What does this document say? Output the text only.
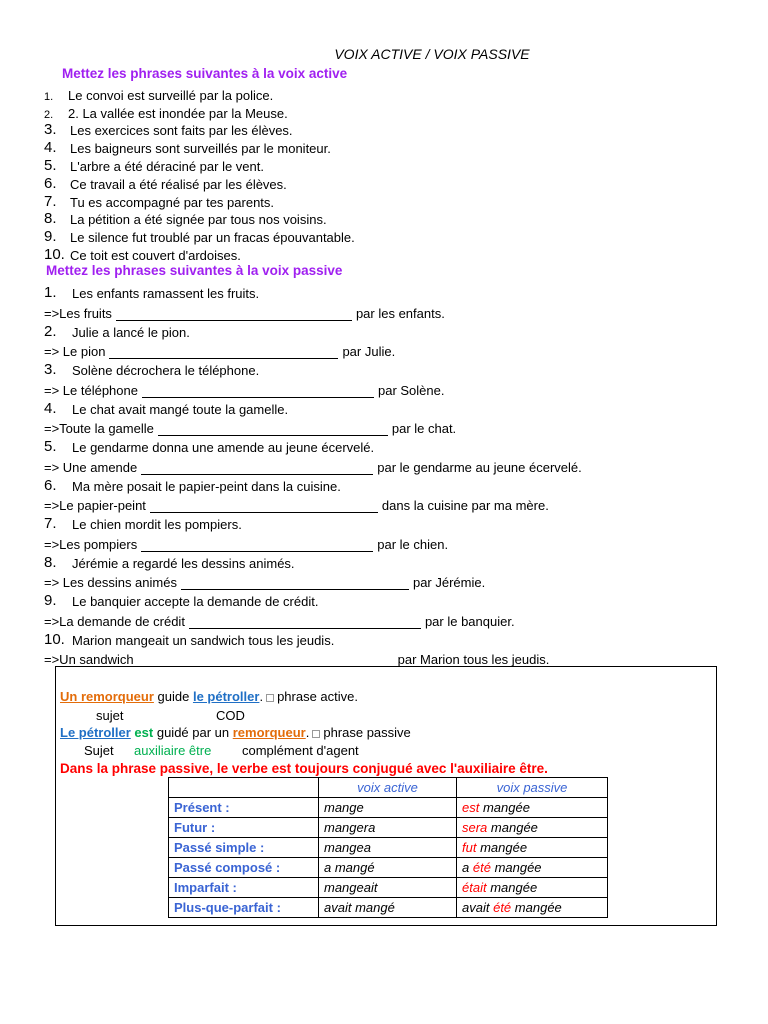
VOIX ACTIVE / VOIX PASSIVE
Mettez les phrases suivantes à la voix active
1.	Le convoi est surveillé par la police.
2.	2. La vallée est inondée par la Meuse.
3.	Les exercices sont faits par les élèves.
4.	Les baigneurs sont surveillés par le moniteur.
5.	L'arbre a été déraciné par le vent.
6.	Ce travail a été réalisé par les élèves.
7.	Tu es accompagné par tes parents.
8.	La pétition a été signée par tous nos voisins.
9.	Le silence fut troublé par un fracas épouvantable.
10. Ce toit est couvert d'ardoises.
Mettez les phrases suivantes à la voix passive
1.	Les enfants ramassent les fruits.
=>Les fruits	par les enfants.
2.	Julie a lancé le pion.
=> Le pion	par Julie.
3.	Solène décrochera le téléphone.
=> Le téléphone	par Solène.
4.	Le chat avait mangé toute la gamelle.
=>Toute la gamelle	par le chat.
5.	Le gendarme donna une amende au jeune écervelé.
=> Une amende	par le gendarme au jeune écervelé.
6.	Ma mère posait le papier-peint dans la cuisine.
=>Le papier-peint	dans la cuisine par ma mère.
7.	Le chien mordit les pompiers.
=>Les pompiers	par le chien.
8.	Jérémie a regardé les dessins animés.
=> Les dessins animés	par Jérémie.
9.	Le banquier accepte la demande de crédit.
=>La demande de crédit	par le banquier.
10. Marion mangeait un sandwich tous les jeudis.
=>Un sandwich	par Marion tous les jeudis.
Un remorqueur guide le pétroller. phrase active.
sujet	COD
Le pétroller est guidé par un remorqueur. phrase passive
Sujet auxiliaire être complément d'agent
Dans la phrase passive, le verbe est toujours conjugué avec l'auxiliaire être.
	voix active	voix passive
Présent :	mange	est mangée
Futur :	mangera	sera mangée
Passé simple :	mangea	fut mangée
Passé composé :	a mangé	a été mangée
Imparfait :	mangeait	était mangée
Plus-que-parfait :	avait mangé	avait été mangée
